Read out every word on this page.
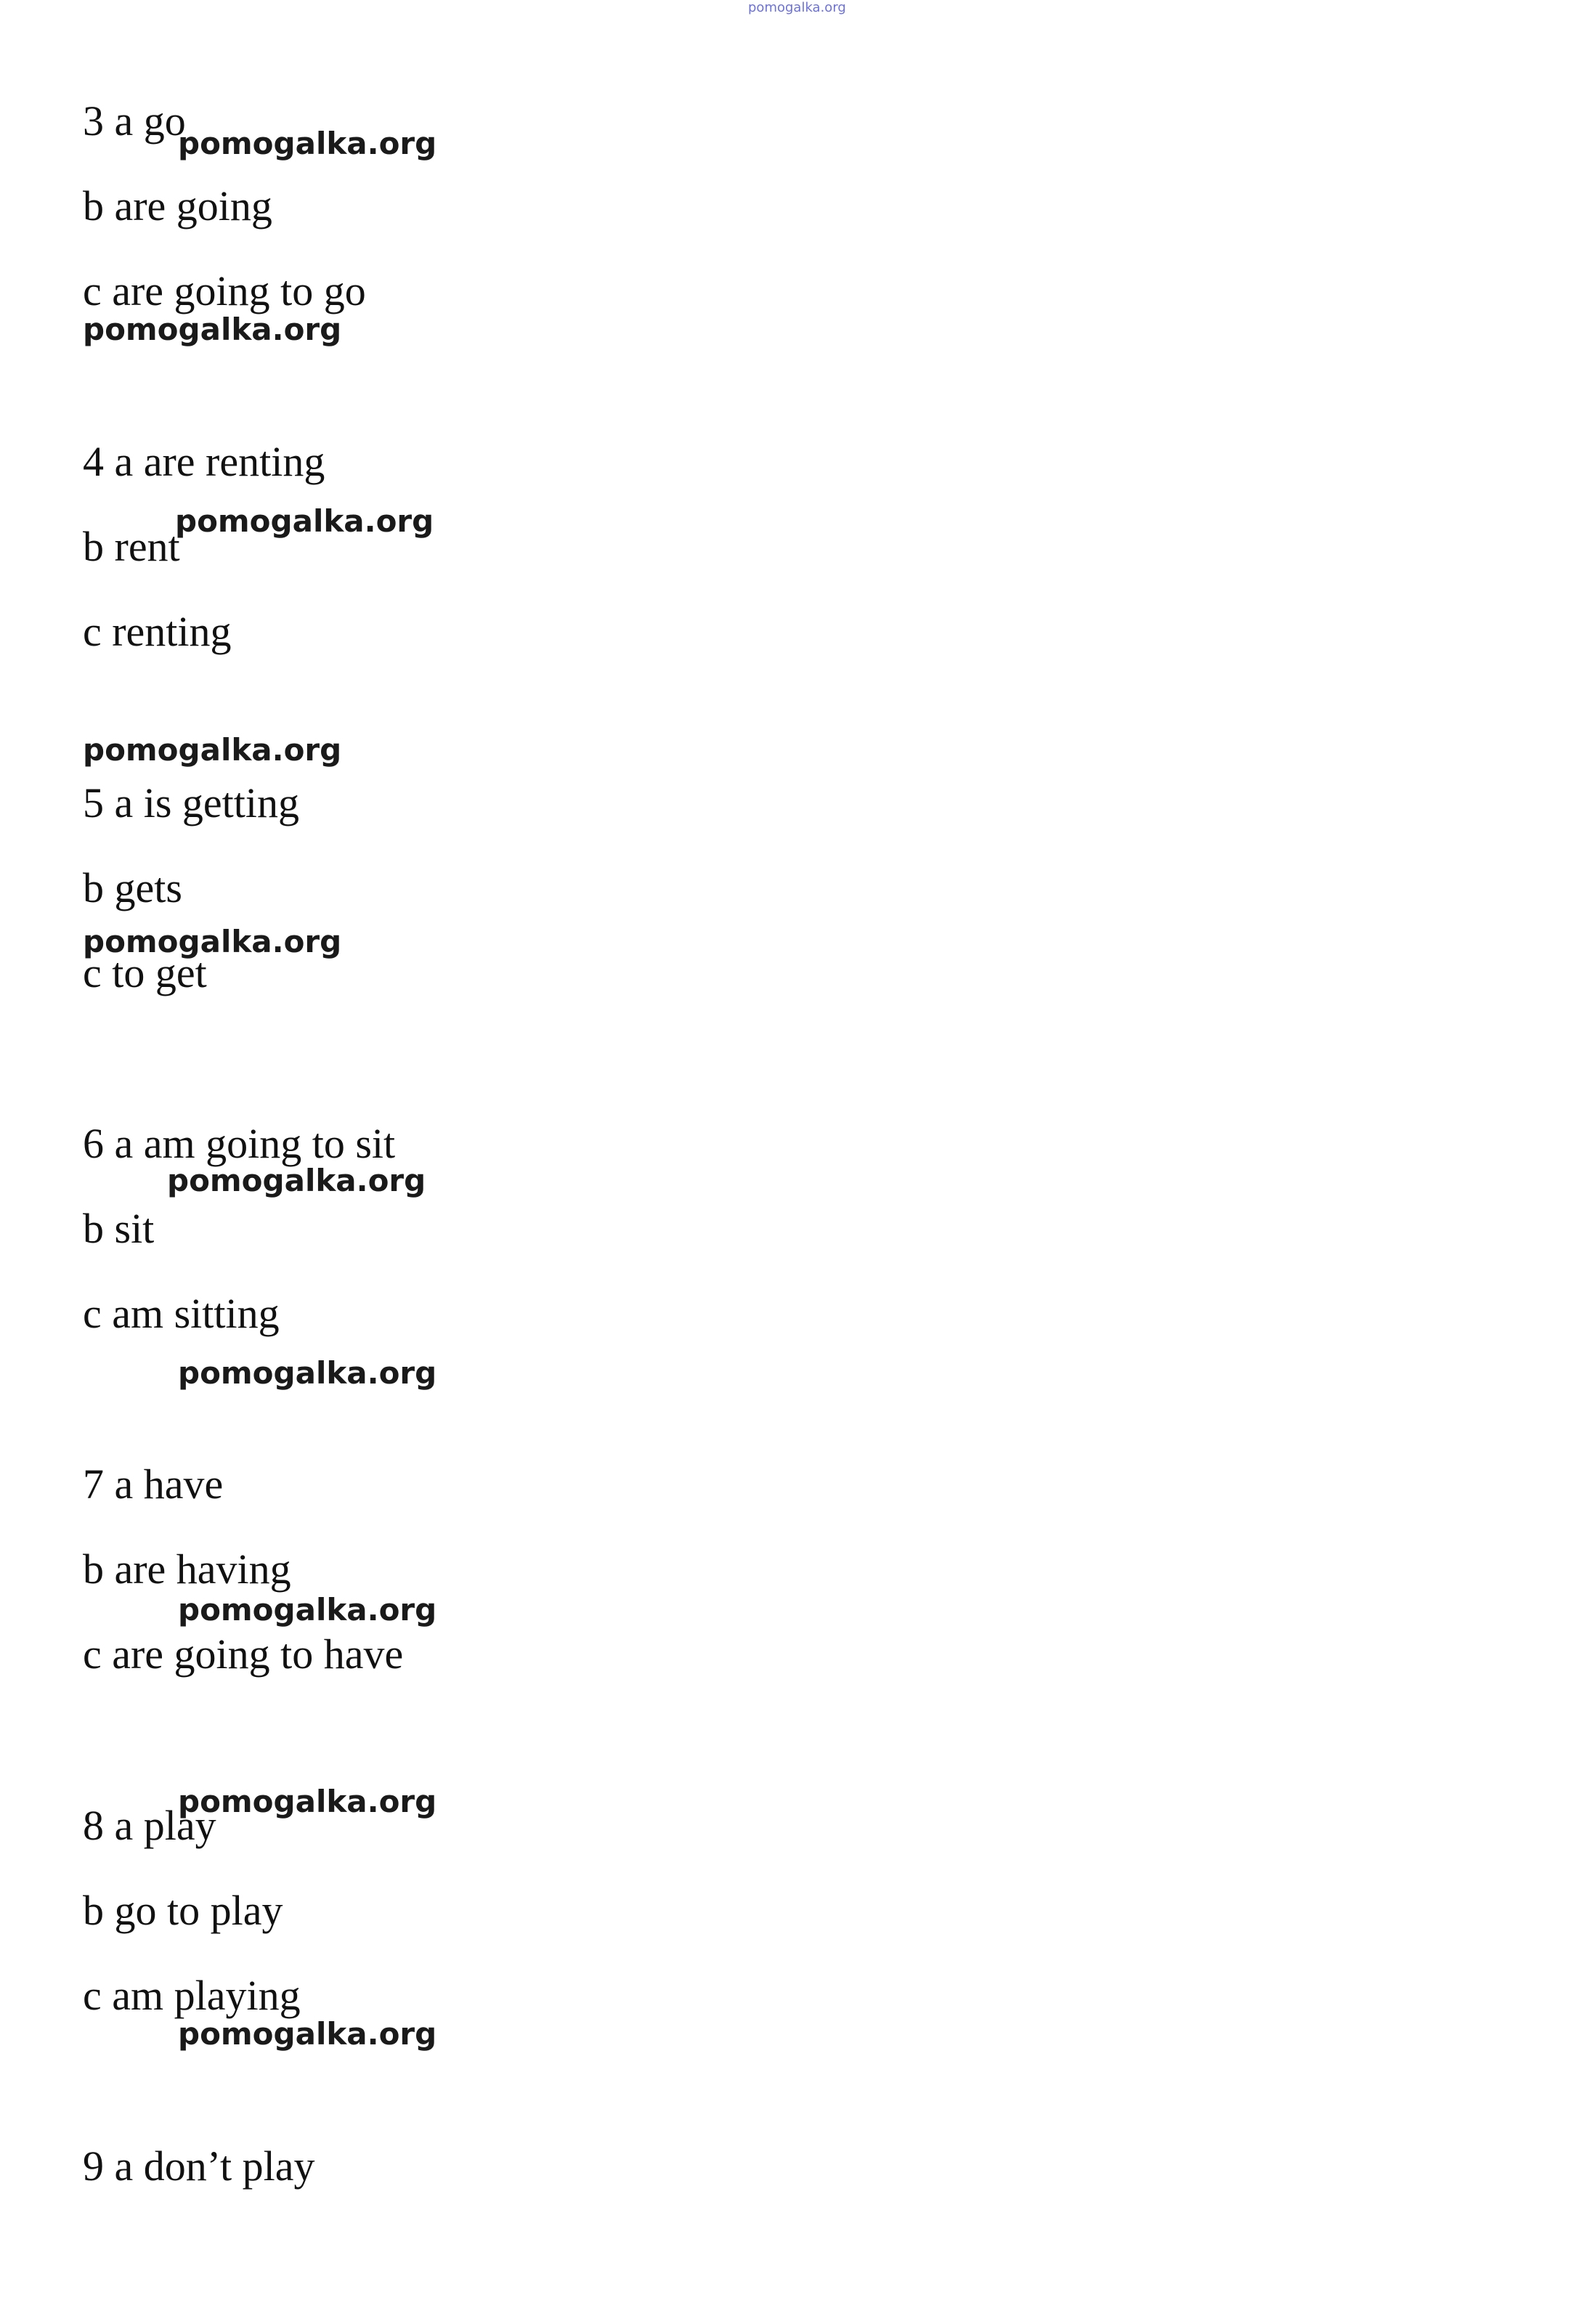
pomogalka.org

3 a go

b are going

c are going to go

4 a are renting

b rent

c renting

5 a is getting

b gets

c to get

6 a am going to sit

b sit

c am sitting

7 a have

b are having

c are going to have

8 a play

b go to play

c am playing

9 a don’t play

pomogalka.org

pomogalka.org

pomogalka.org

pomogalka.org

pomogalka.org

pomogalka.org

pomogalka.org

pomogalka.org

pomogalka.org

pomogalka.org
